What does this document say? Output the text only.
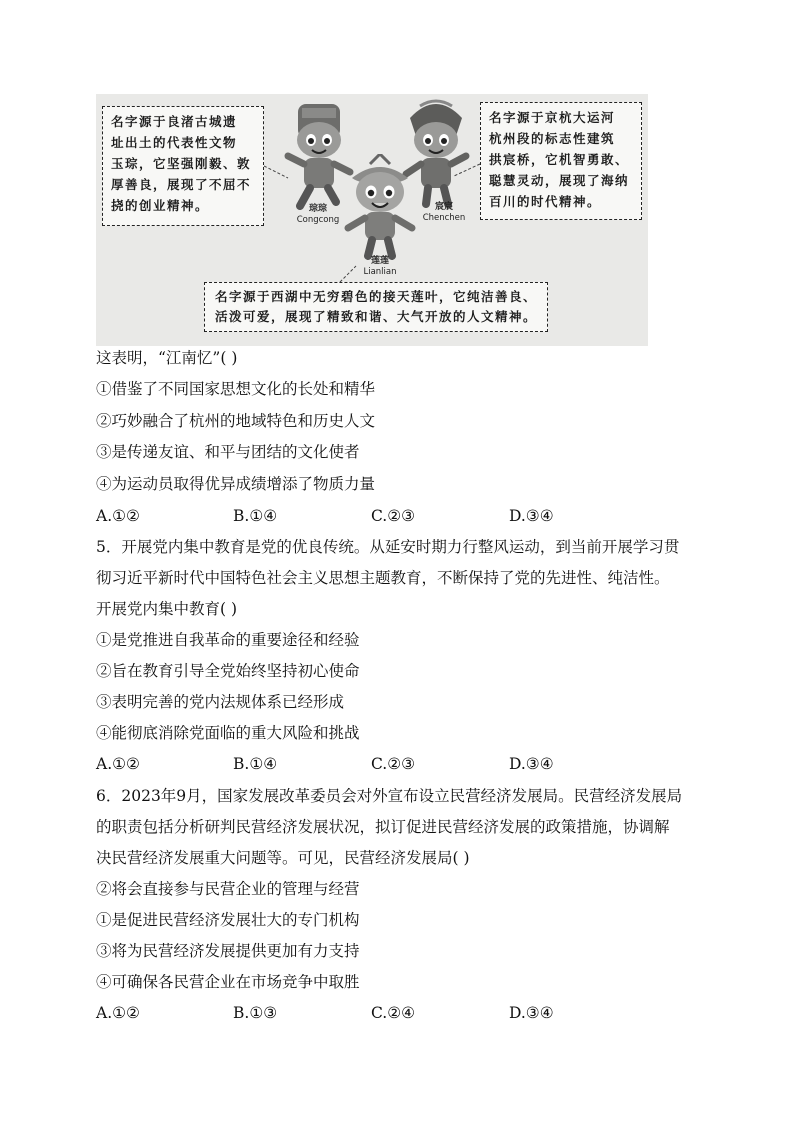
名字源于良渚古城遗
址出土的代表性文物
玉琮，它坚强刚毅、敦
厚善良，展现了不屈不
挠的创业精神。
名字源于京杭大运河
杭州段的标志性建筑
拱宸桥，它机智勇敢、
聪慧灵动，展现了海纳
百川的时代精神。
琮琮
Congcong
宸宸
Chenchen
莲莲
Lianlian
名字源于西湖中无穷碧色的接天莲叶，它纯洁善良、
活泼可爱，展现了精致和谐、大气开放的人文精神。
这表明，“江南忆”( )
①借鉴了不同国家思想文化的长处和精华
②巧妙融合了杭州的地域特色和历史人文
③是传递友谊、和平与团结的文化使者
④为运动员取得优异成绩增添了物质力量
A.①②	B.①④	C.②③	D.③④
5．开展党内集中教育是党的优良传统。从延安时期力行整风运动，到当前开展学习贯
彻习近平新时代中国特色社会主义思想主题教育，不断保持了党的先进性、纯洁性。
开展党内集中教育( )
①是党推进自我革命的重要途径和经验
②旨在教育引导全党始终坚持初心使命
③表明完善的党内法规体系已经形成
④能彻底消除党面临的重大风险和挑战
A.①②	B.①④	C.②③	D.③④
6．2023年9月，国家发展改革委员会对外宣布设立民营经济发展局。民营经济发展局
的职责包括分析研判民营经济发展状况，拟订促进民营经济发展的政策措施，协调解
决民营经济发展重大问题等。可见，民营经济发展局( )
②将会直接参与民营企业的管理与经营
①是促进民营经济发展壮大的专门机构
③将为民营经济发展提供更加有力支持
④可确保各民营企业在市场竞争中取胜
A.①②	B.①③	C.②④	D.③④
